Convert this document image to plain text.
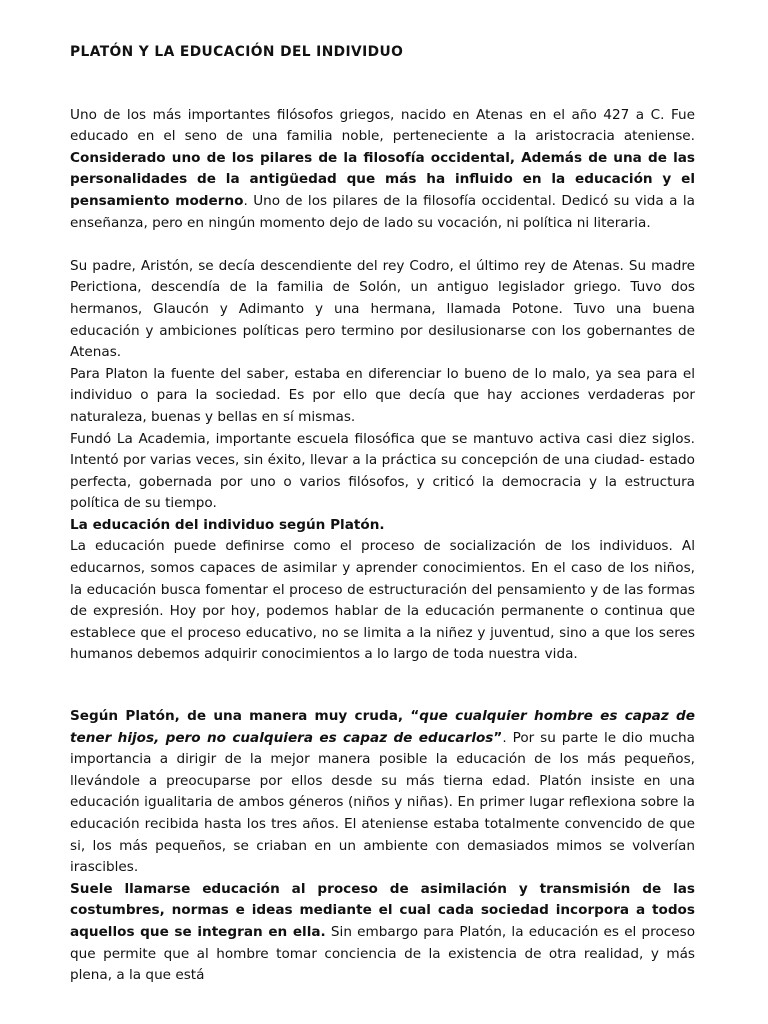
PLATÓN Y LA EDUCACIÓN DEL INDIVIDUO

Uno de los más importantes filósofos griegos, nacido en Atenas en el año 427 a C. Fue educado en el seno de una familia noble, perteneciente a la aristocracia ateniense. Considerado uno de los pilares de la filosofía occidental, Además de una de las personalidades de la antigüedad que más ha influido en la educación y el pensamiento moderno. Uno de los pilares de la filosofía occidental. Dedicó su vida a la enseñanza, pero en ningún momento dejo de lado su vocación, ni política ni literaria.

Su padre, Aristón, se decía descendiente del rey Codro, el último rey de Atenas. Su madre Perictiona, descendía de la familia de Solón, un antiguo legislador griego. Tuvo dos hermanos, Glaucón y Adimanto y una hermana, llamada Potone. Tuvo una buena educación y ambiciones políticas pero termino por desilusionarse con los gobernantes de Atenas.

Para Platon la fuente del saber, estaba en diferenciar lo bueno de lo malo, ya sea para el individuo o para la sociedad. Es por ello que decía que hay acciones verdaderas por naturaleza, buenas y bellas en sí mismas.

Fundó La Academia, importante escuela filosófica que se mantuvo activa casi diez siglos. Intentó por varias veces, sin éxito, llevar a la práctica su concepción de una ciudad- estado perfecta, gobernada por uno o varios filósofos, y criticó la democracia y la estructura política de su tiempo.

La educación del individuo según Platón.

La educación puede definirse como el proceso de socialización de los individuos. Al educarnos, somos capaces de asimilar y aprender conocimientos. En el caso de los niños, la educación busca fomentar el proceso de estructuración del pensamiento y de las formas de expresión. Hoy por hoy, podemos hablar de la educación permanente o continua que establece que el proceso educativo, no se limita a la niñez y juventud, sino a que los seres humanos debemos adquirir conocimientos a lo largo de toda nuestra vida.

Según Platón, de una manera muy cruda, “que cualquier hombre es capaz de tener hijos, pero no cualquiera es capaz de educarlos”. Por su parte le dio mucha importancia a dirigir de la mejor manera posible la educación de los más pequeños, llevándole a preocuparse por ellos desde su más tierna edad. Platón insiste en una educación igualitaria de ambos géneros (niños y niñas). En primer lugar reflexiona sobre la educación recibida hasta los tres años. El ateniense estaba totalmente convencido de que si, los más pequeños, se criaban en un ambiente con demasiados mimos se volverían irascibles.

Suele llamarse educación al proceso de asimilación y transmisión de las costumbres, normas e ideas mediante el cual cada sociedad incorpora a todos aquellos que se integran en ella. Sin embargo para Platón, la educación es el proceso que permite que al hombre tomar conciencia de la existencia de otra realidad, y más plena, a la que está
